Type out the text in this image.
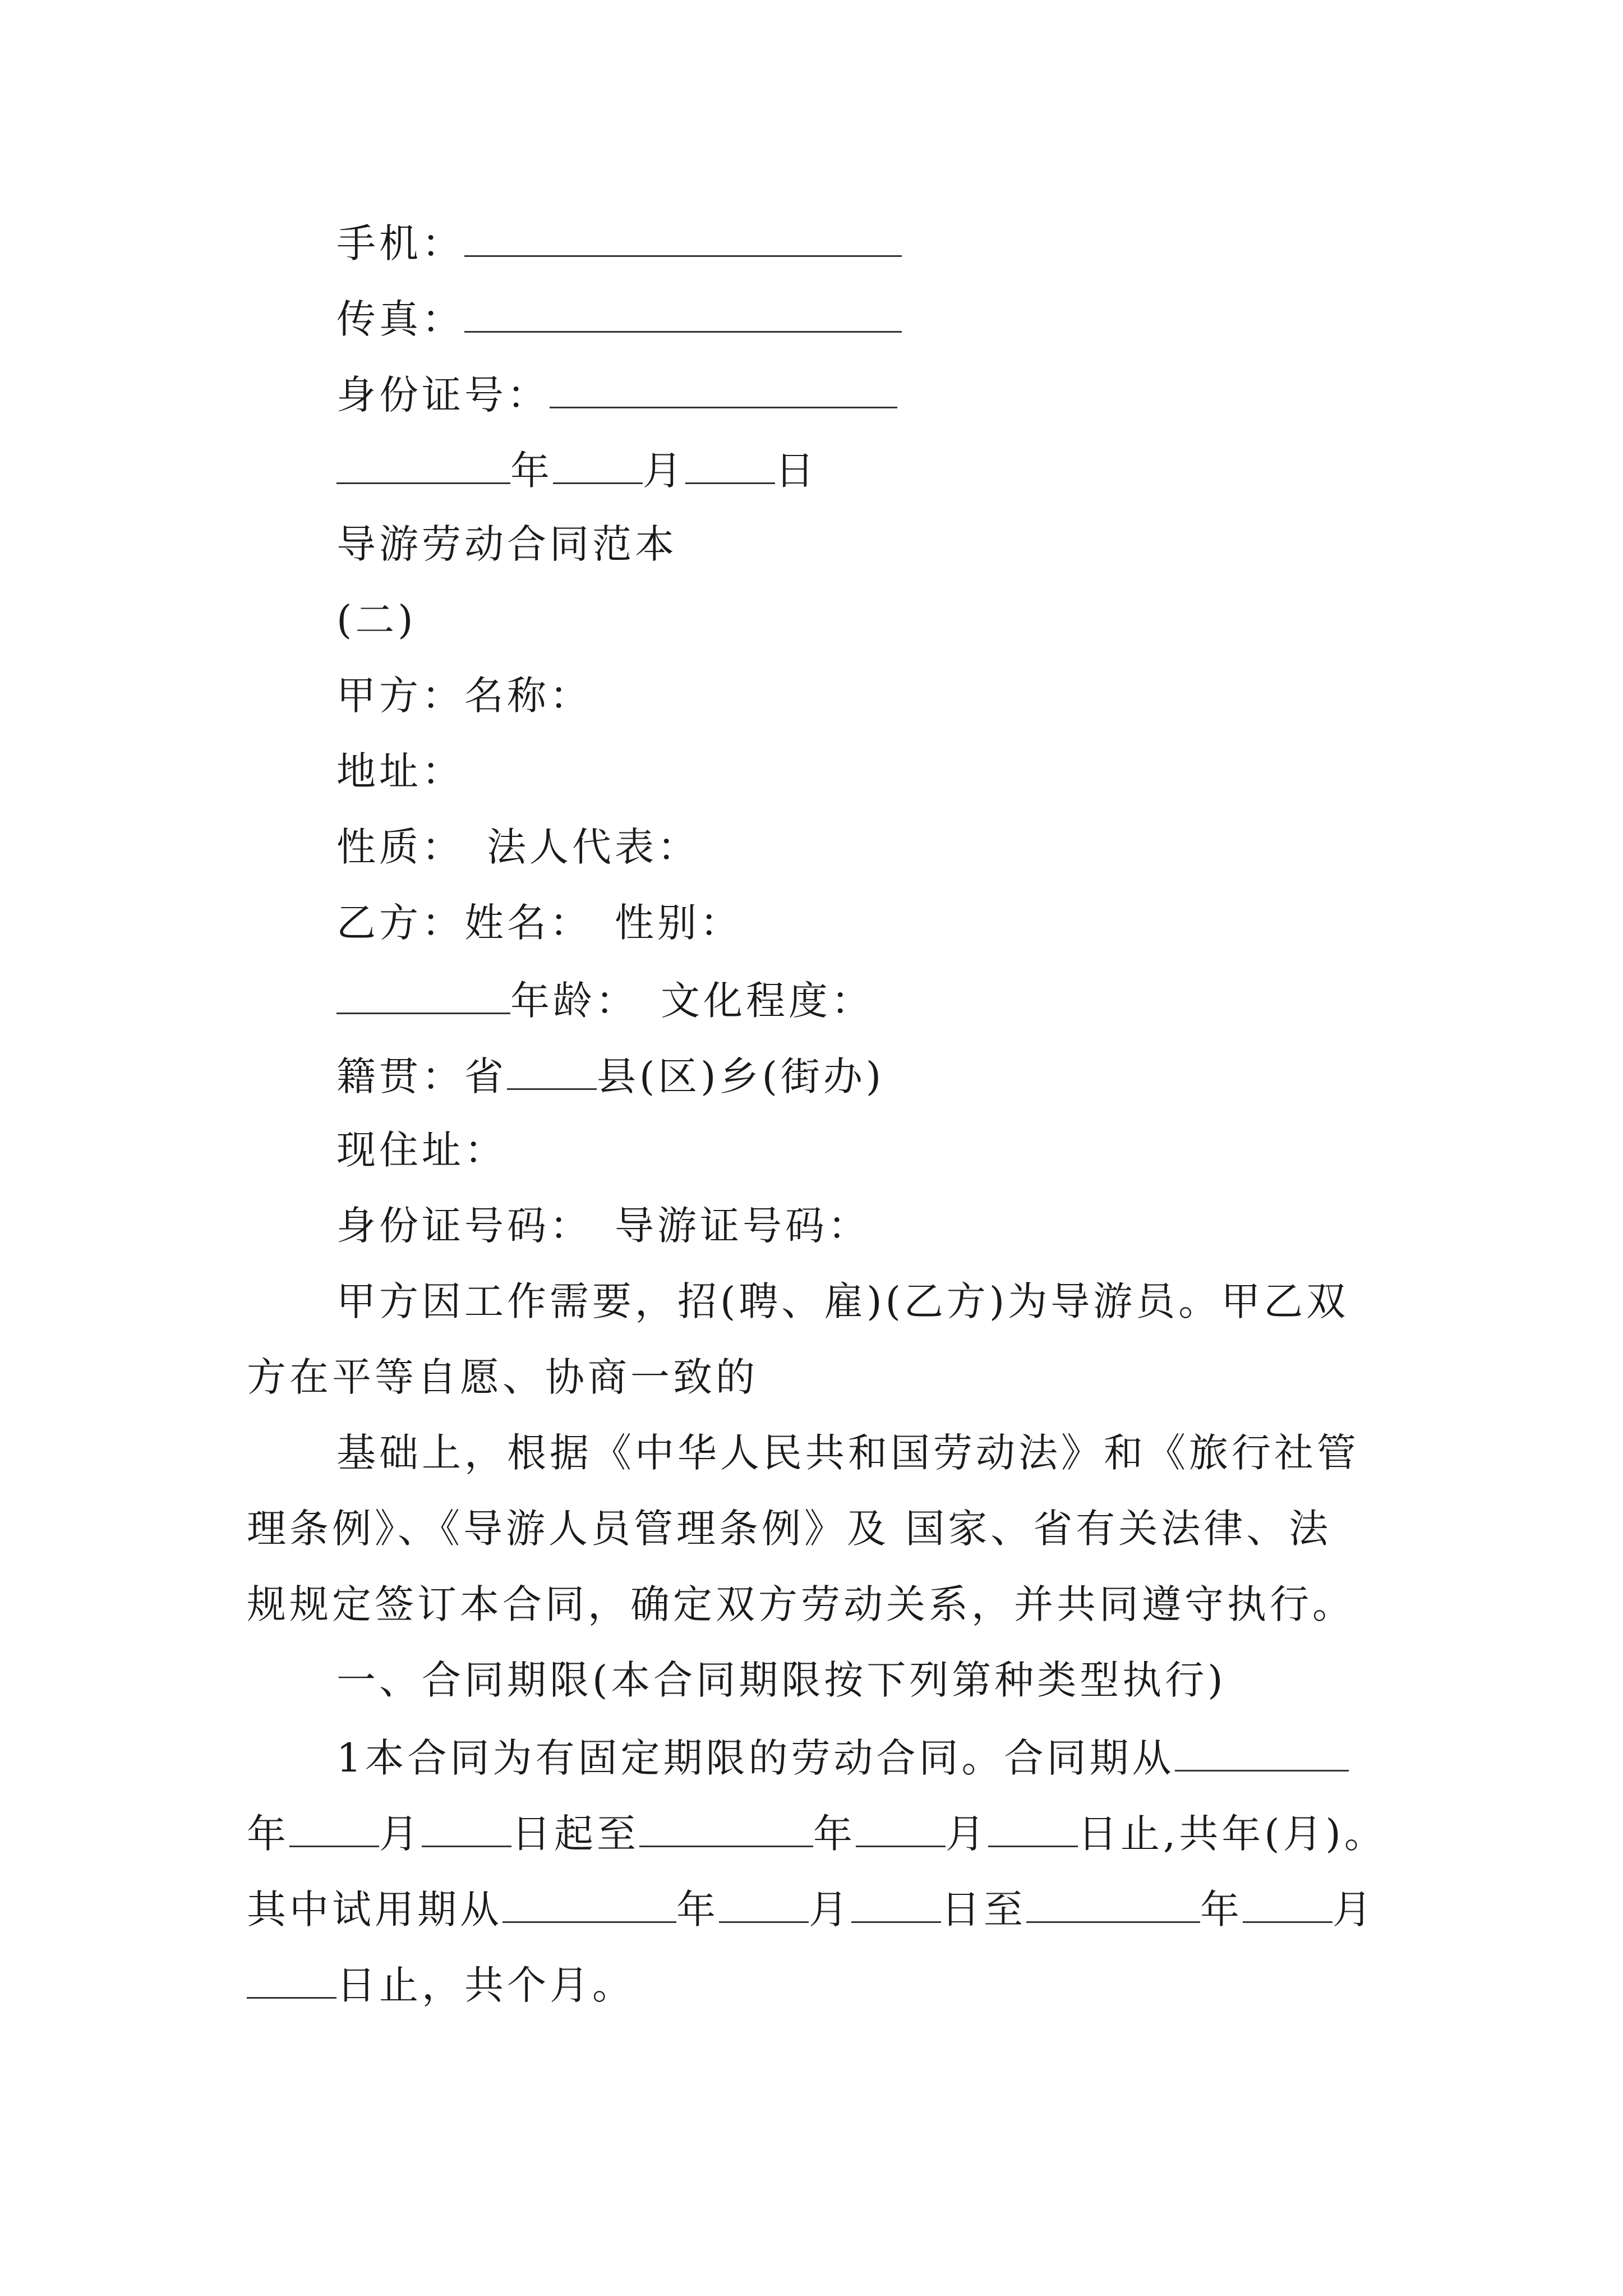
手机：
传真：
身份证号：
年 月 日
导游劳动合同范本
(二)
甲方：名称：
地址：
性质： 法人代表：
乙方：姓名： 性别：
年龄： 文化程度：
籍贯：省 县(区)乡(街办)
现住址：
身份证号码： 导游证号码：
甲方因工作需要，招(聘、雇)(乙方)为导游员。甲乙双
方在平等自愿、协商一致的
基础上，根据《中华人民共和国劳动法》和《旅行社管
理条例》、《导游人员管理条例》及 国家、省有关法律、法
规规定签订本合同，确定双方劳动关系，并共同遵守执行。
一、合同期限(本合同期限按下列第种类型执行)
1本合同为有固定期限的劳动合同。合同期从
年 月 日起至	年 月 日止,共年(月)。
其中试用期从	年 月 日至	年 月
日止，共个月。
